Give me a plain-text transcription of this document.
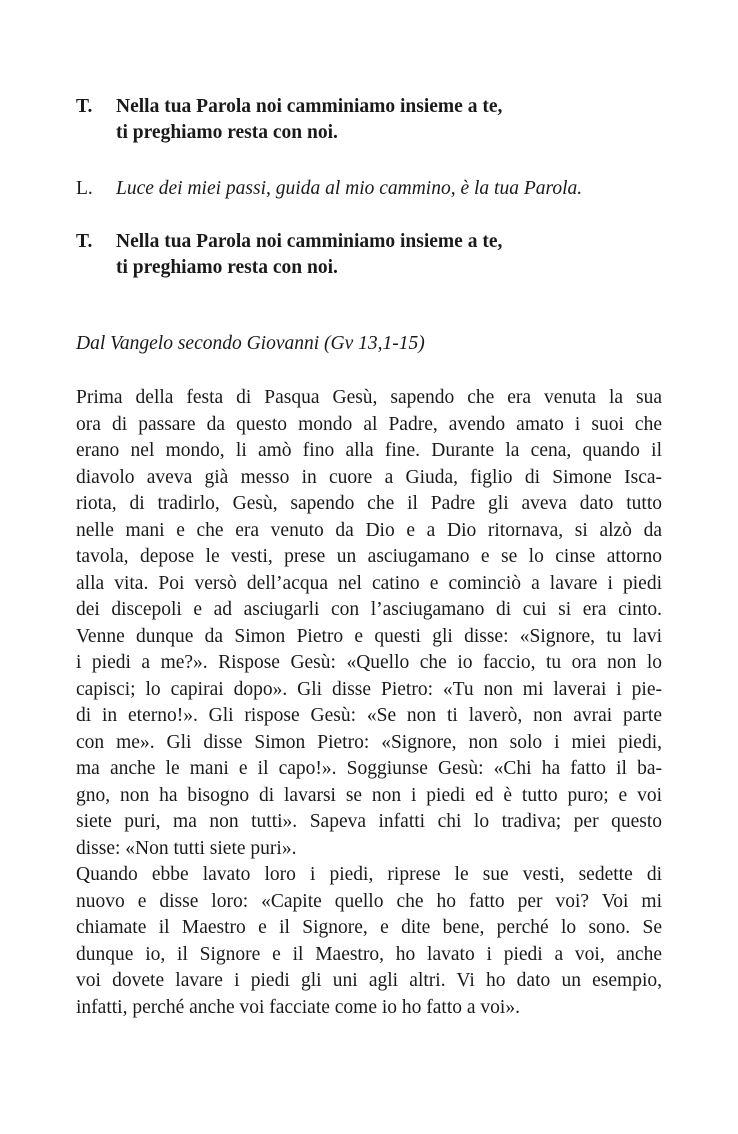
T.	Nella tua Parola noi camminiamo insieme a te,
ti preghiamo resta con noi.
L.	Luce dei miei passi, guida al mio cammino, è la tua Parola.
T.	Nella tua Parola noi camminiamo insieme a te,
ti preghiamo resta con noi.
Dal Vangelo secondo Giovanni (Gv 13,1-15)
Prima della festa di Pasqua Gesù, sapendo che era venuta la sua
ora di passare da questo mondo al Padre, avendo amato i suoi che
erano nel mondo, li amò fino alla fine. Durante la cena, quando il
diavolo aveva già messo in cuore a Giuda, figlio di Simone Isca-
riota, di tradirlo, Gesù, sapendo che il Padre gli aveva dato tutto
nelle mani e che era venuto da Dio e a Dio ritornava, si alzò da
tavola, depose le vesti, prese un asciugamano e se lo cinse attorno
alla vita. Poi versò dell’acqua nel catino e cominciò a lavare i piedi
dei discepoli e ad asciugarli con l’asciugamano di cui si era cinto.
Venne dunque da Simon Pietro e questi gli disse: «Signore, tu lavi
i piedi a me?». Rispose Gesù: «Quello che io faccio, tu ora non lo
capisci; lo capirai dopo». Gli disse Pietro: «Tu non mi laverai i pie-
di in eterno!». Gli rispose Gesù: «Se non ti laverò, non avrai parte
con me». Gli disse Simon Pietro: «Signore, non solo i miei piedi,
ma anche le mani e il capo!». Soggiunse Gesù: «Chi ha fatto il ba-
gno, non ha bisogno di lavarsi se non i piedi ed è tutto puro; e voi
siete puri, ma non tutti». Sapeva infatti chi lo tradiva; per questo
disse: «Non tutti siete puri».
Quando ebbe lavato loro i piedi, riprese le sue vesti, sedette di
nuovo e disse loro: «Capite quello che ho fatto per voi? Voi mi
chiamate il Maestro e il Signore, e dite bene, perché lo sono. Se
dunque io, il Signore e il Maestro, ho lavato i piedi a voi, anche
voi dovete lavare i piedi gli uni agli altri. Vi ho dato un esempio,
infatti, perché anche voi facciate come io ho fatto a voi».
